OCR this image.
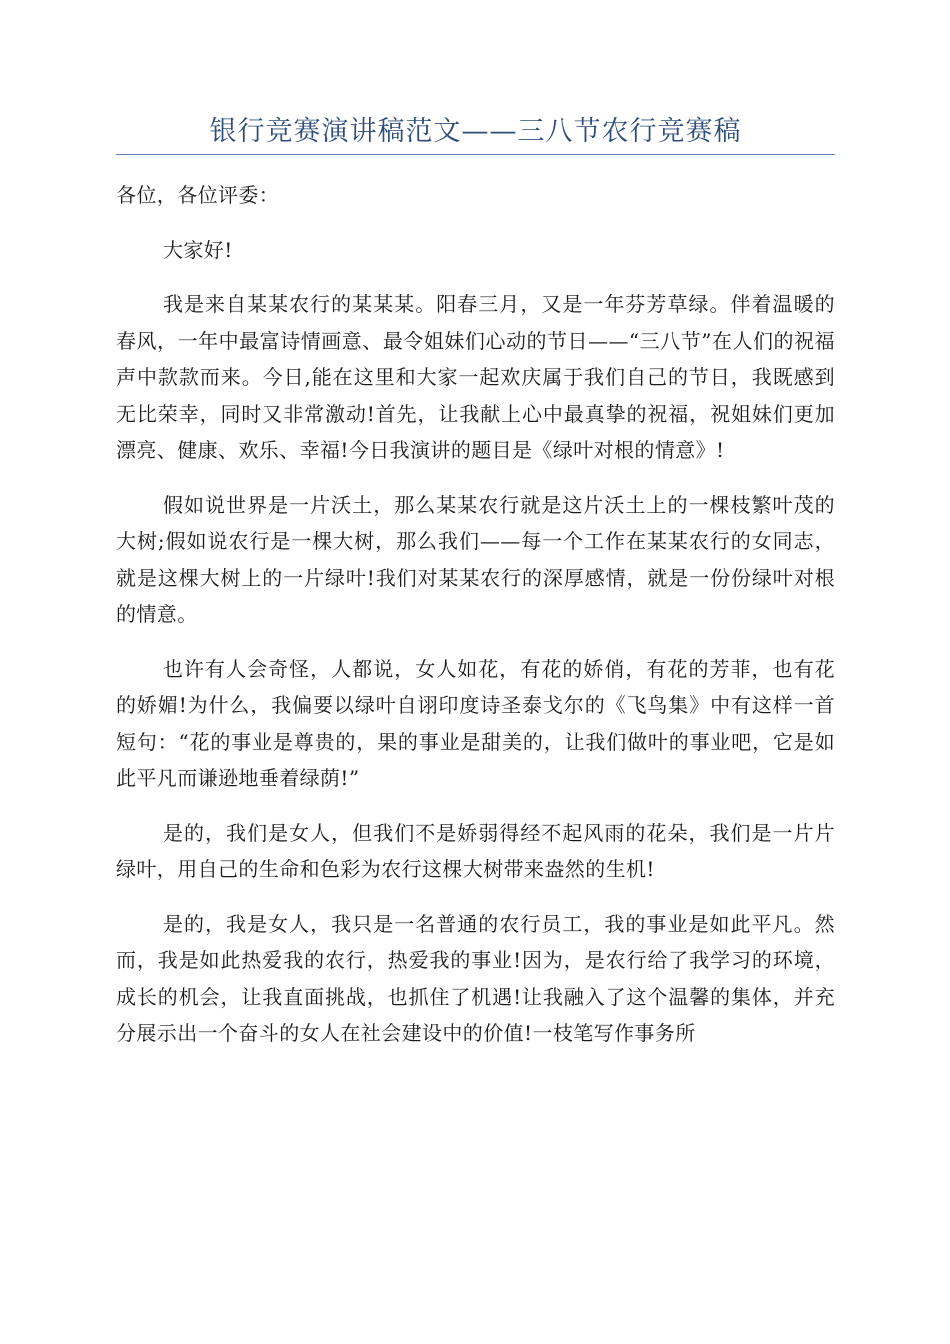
银行竞赛演讲稿范文——三八节农行竞赛稿

各位，各位评委：

大家好!

我是来自某某农行的某某某。阳春三月，又是一年芬芳草绿。伴着温暖的春风，一年中最富诗情画意、最令姐妹们心动的节日——“三八节”在人们的祝福声中款款而来。今日,能在这里和大家一起欢庆属于我们自己的节日，我既感到无比荣幸，同时又非常激动!首先，让我献上心中最真挚的祝福，祝姐妹们更加漂亮、健康、欢乐、幸福!今日我演讲的题目是《绿叶对根的情意》!

假如说世界是一片沃土，那么某某农行就是这片沃土上的一棵枝繁叶茂的大树;假如说农行是一棵大树，那么我们——每一个工作在某某农行的女同志，就是这棵大树上的一片绿叶!我们对某某农行的深厚感情，就是一份份绿叶对根的情意。

也许有人会奇怪，人都说，女人如花，有花的娇俏，有花的芳菲，也有花的娇媚!为什么，我偏要以绿叶自诩印度诗圣泰戈尔的《飞鸟集》中有这样一首短句：“花的事业是尊贵的，果的事业是甜美的，让我们做叶的事业吧，它是如此平凡而谦逊地垂着绿荫!”

是的，我们是女人，但我们不是娇弱得经不起风雨的花朵，我们是一片片绿叶，用自己的生命和色彩为农行这棵大树带来盎然的生机!

是的，我是女人，我只是一名普通的农行员工，我的事业是如此平凡。然而，我是如此热爱我的农行，热爱我的事业!因为，是农行给了我学习的环境，成长的机会，让我直面挑战，也抓住了机遇!让我融入了这个温馨的集体，并充分展示出一个奋斗的女人在社会建设中的价值!一枝笔写作事务所
